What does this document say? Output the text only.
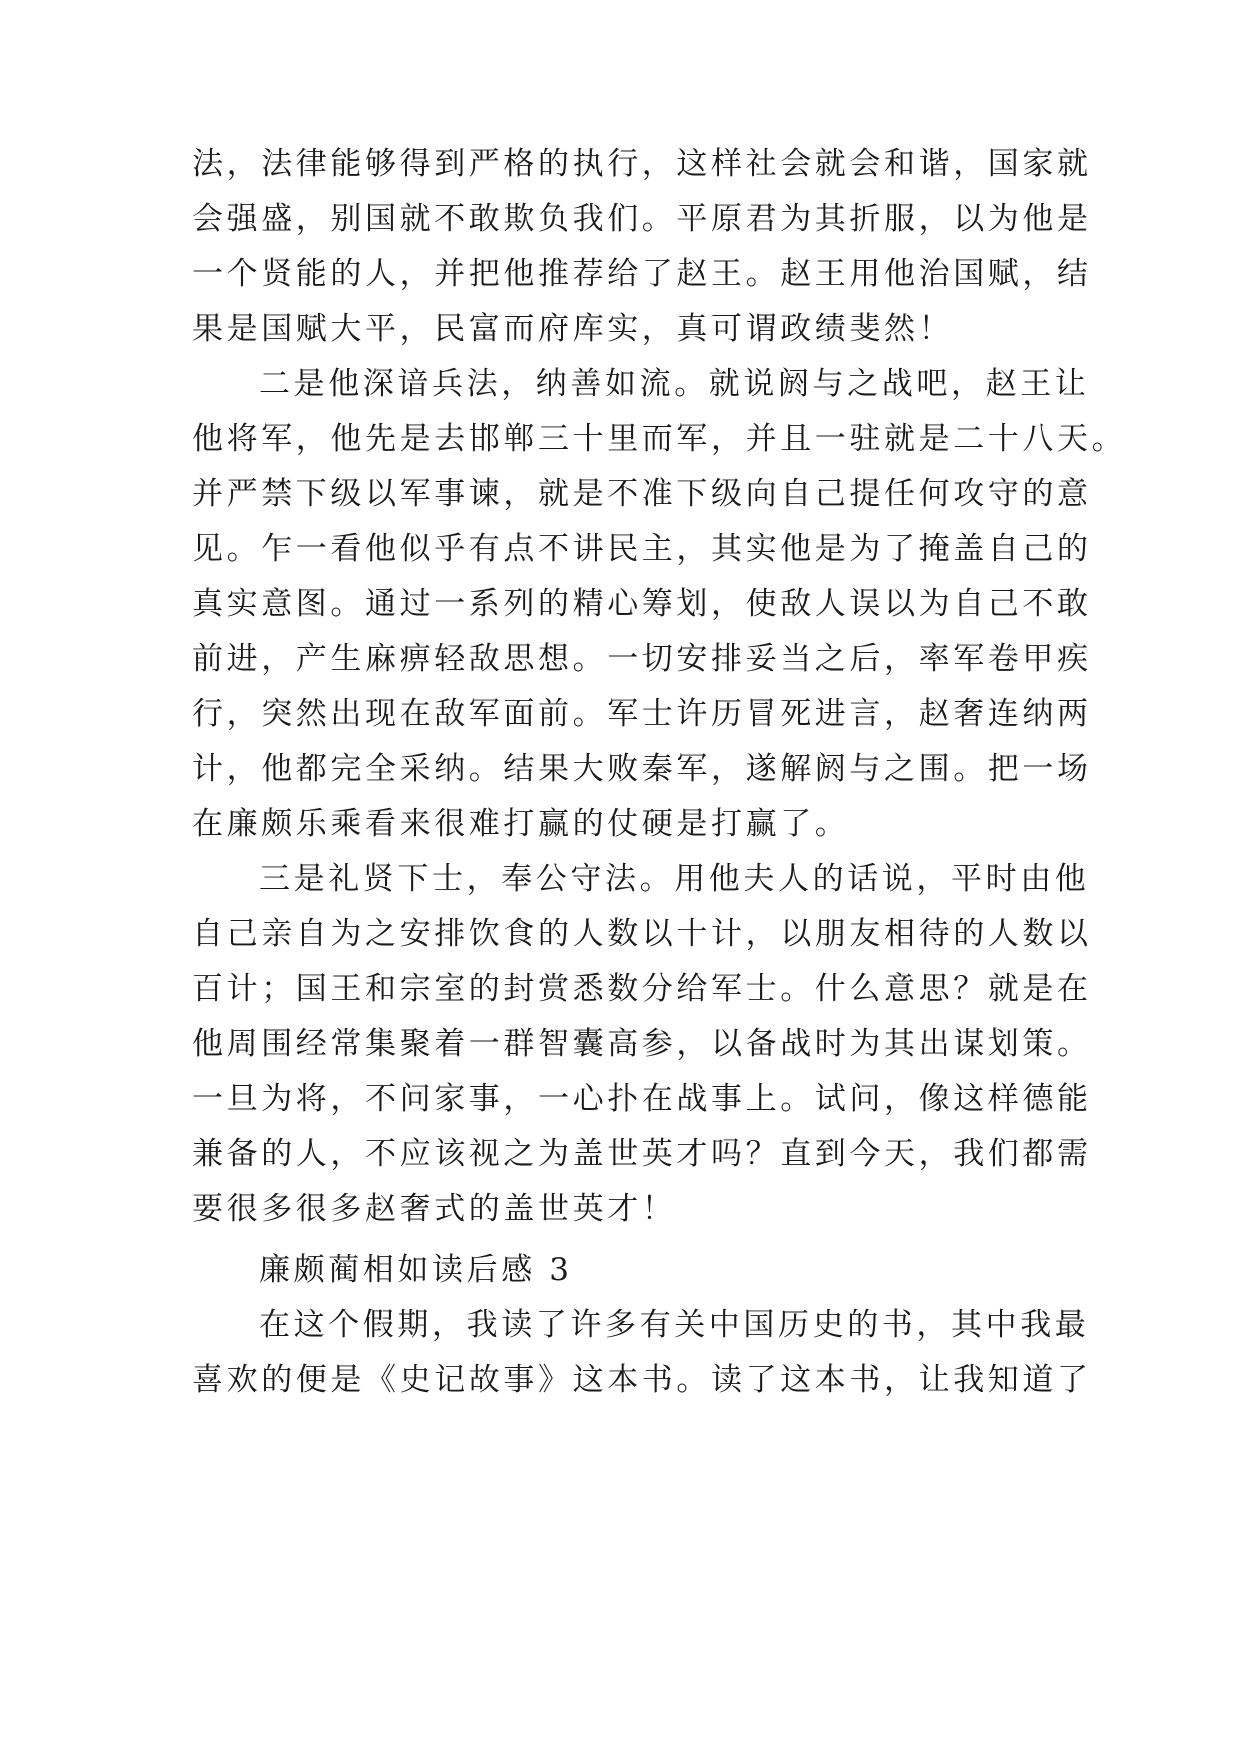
法，法律能够得到严格的执行，这样社会就会和谐，国家就

会强盛，别国就不敢欺负我们。平原君为其折服，以为他是

一个贤能的人，并把他推荐给了赵王。赵王用他治国赋，结

果是国赋大平，民富而府库实，真可谓政绩斐然！

二是他深谙兵法，纳善如流。就说阏与之战吧，赵王让

他将军，他先是去邯郸三十里而军，并且一驻就是二十八天。

并严禁下级以军事谏，就是不准下级向自己提任何攻守的意

见。乍一看他似乎有点不讲民主，其实他是为了掩盖自己的

真实意图。通过一系列的精心筹划，使敌人误以为自己不敢

前进，产生麻痹轻敌思想。一切安排妥当之后，率军卷甲疾

行，突然出现在敌军面前。军士许历冒死进言，赵奢连纳两

计，他都完全采纳。结果大败秦军，遂解阏与之围。把一场

在廉颇乐乘看来很难打赢的仗硬是打赢了。

三是礼贤下士，奉公守法。用他夫人的话说，平时由他

自己亲自为之安排饮食的人数以十计，以朋友相待的人数以

百计；国王和宗室的封赏悉数分给军士。什么意思？就是在

他周围经常集聚着一群智囊高参，以备战时为其出谋划策。

一旦为将，不问家事，一心扑在战事上。试问，像这样德能

兼备的人，不应该视之为盖世英才吗？直到今天，我们都需

要很多很多赵奢式的盖世英才！

廉颇蔺相如读后感 3

在这个假期，我读了许多有关中国历史的书，其中我最

喜欢的便是《史记故事》这本书。读了这本书，让我知道了
